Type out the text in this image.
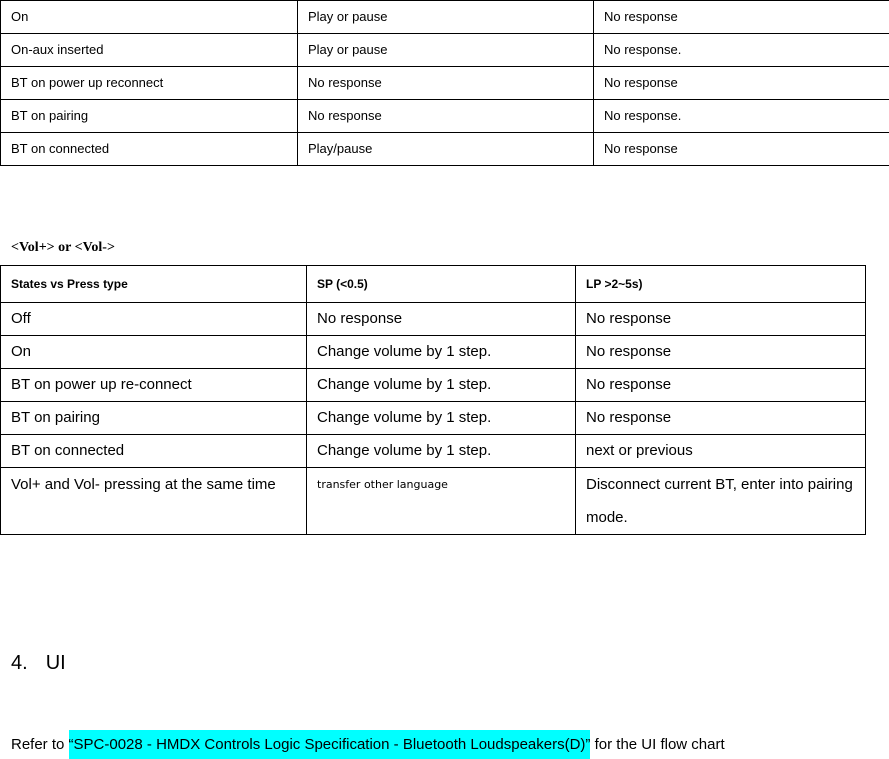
On	Play or pause	No response
On-aux inserted	Play or pause	No response.
BT on power up reconnect	No response	No response
BT on pairing	No response	No response.
BT on connected	Play/pause	No response
<Vol+> or <Vol->
States vs Press type	SP (<0.5)	LP >2~5s)
Off	No response	No response
On	Change volume by 1 step.	No response
BT on power up re-connect	Change volume by 1 step.	No response
BT on pairing	Change volume by 1 step.	No response
BT on connected	Change volume by 1 step.	next or previous
Vol+ and Vol- pressing at the same time	transfer other language	Disconnect current BT, enter into pairing mode.
4. UI
Refer to “SPC-0028 - HMDX Controls Logic Specification - Bluetooth Loudspeakers(D)” for the UI flow chart
